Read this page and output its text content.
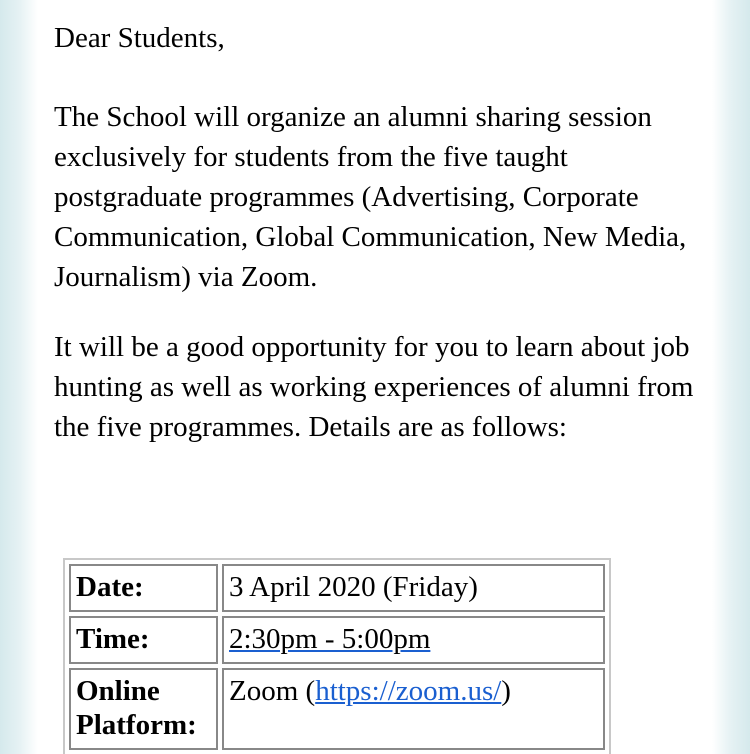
Dear Students,

The School will organize an alumni sharing session exclusively for students from the five taught postgraduate programmes (Advertising, Corporate Communication, Global Communication, New Media, Journalism) via Zoom.

It will be a good opportunity for you to learn about job hunting as well as working experiences of alumni from the five programmes. Details are as follows:

Date:	3 April 2020 (Friday)
Time:	2:30pm - 5:00pm
Online
Platform:	Zoom (https://zoom.us/)
